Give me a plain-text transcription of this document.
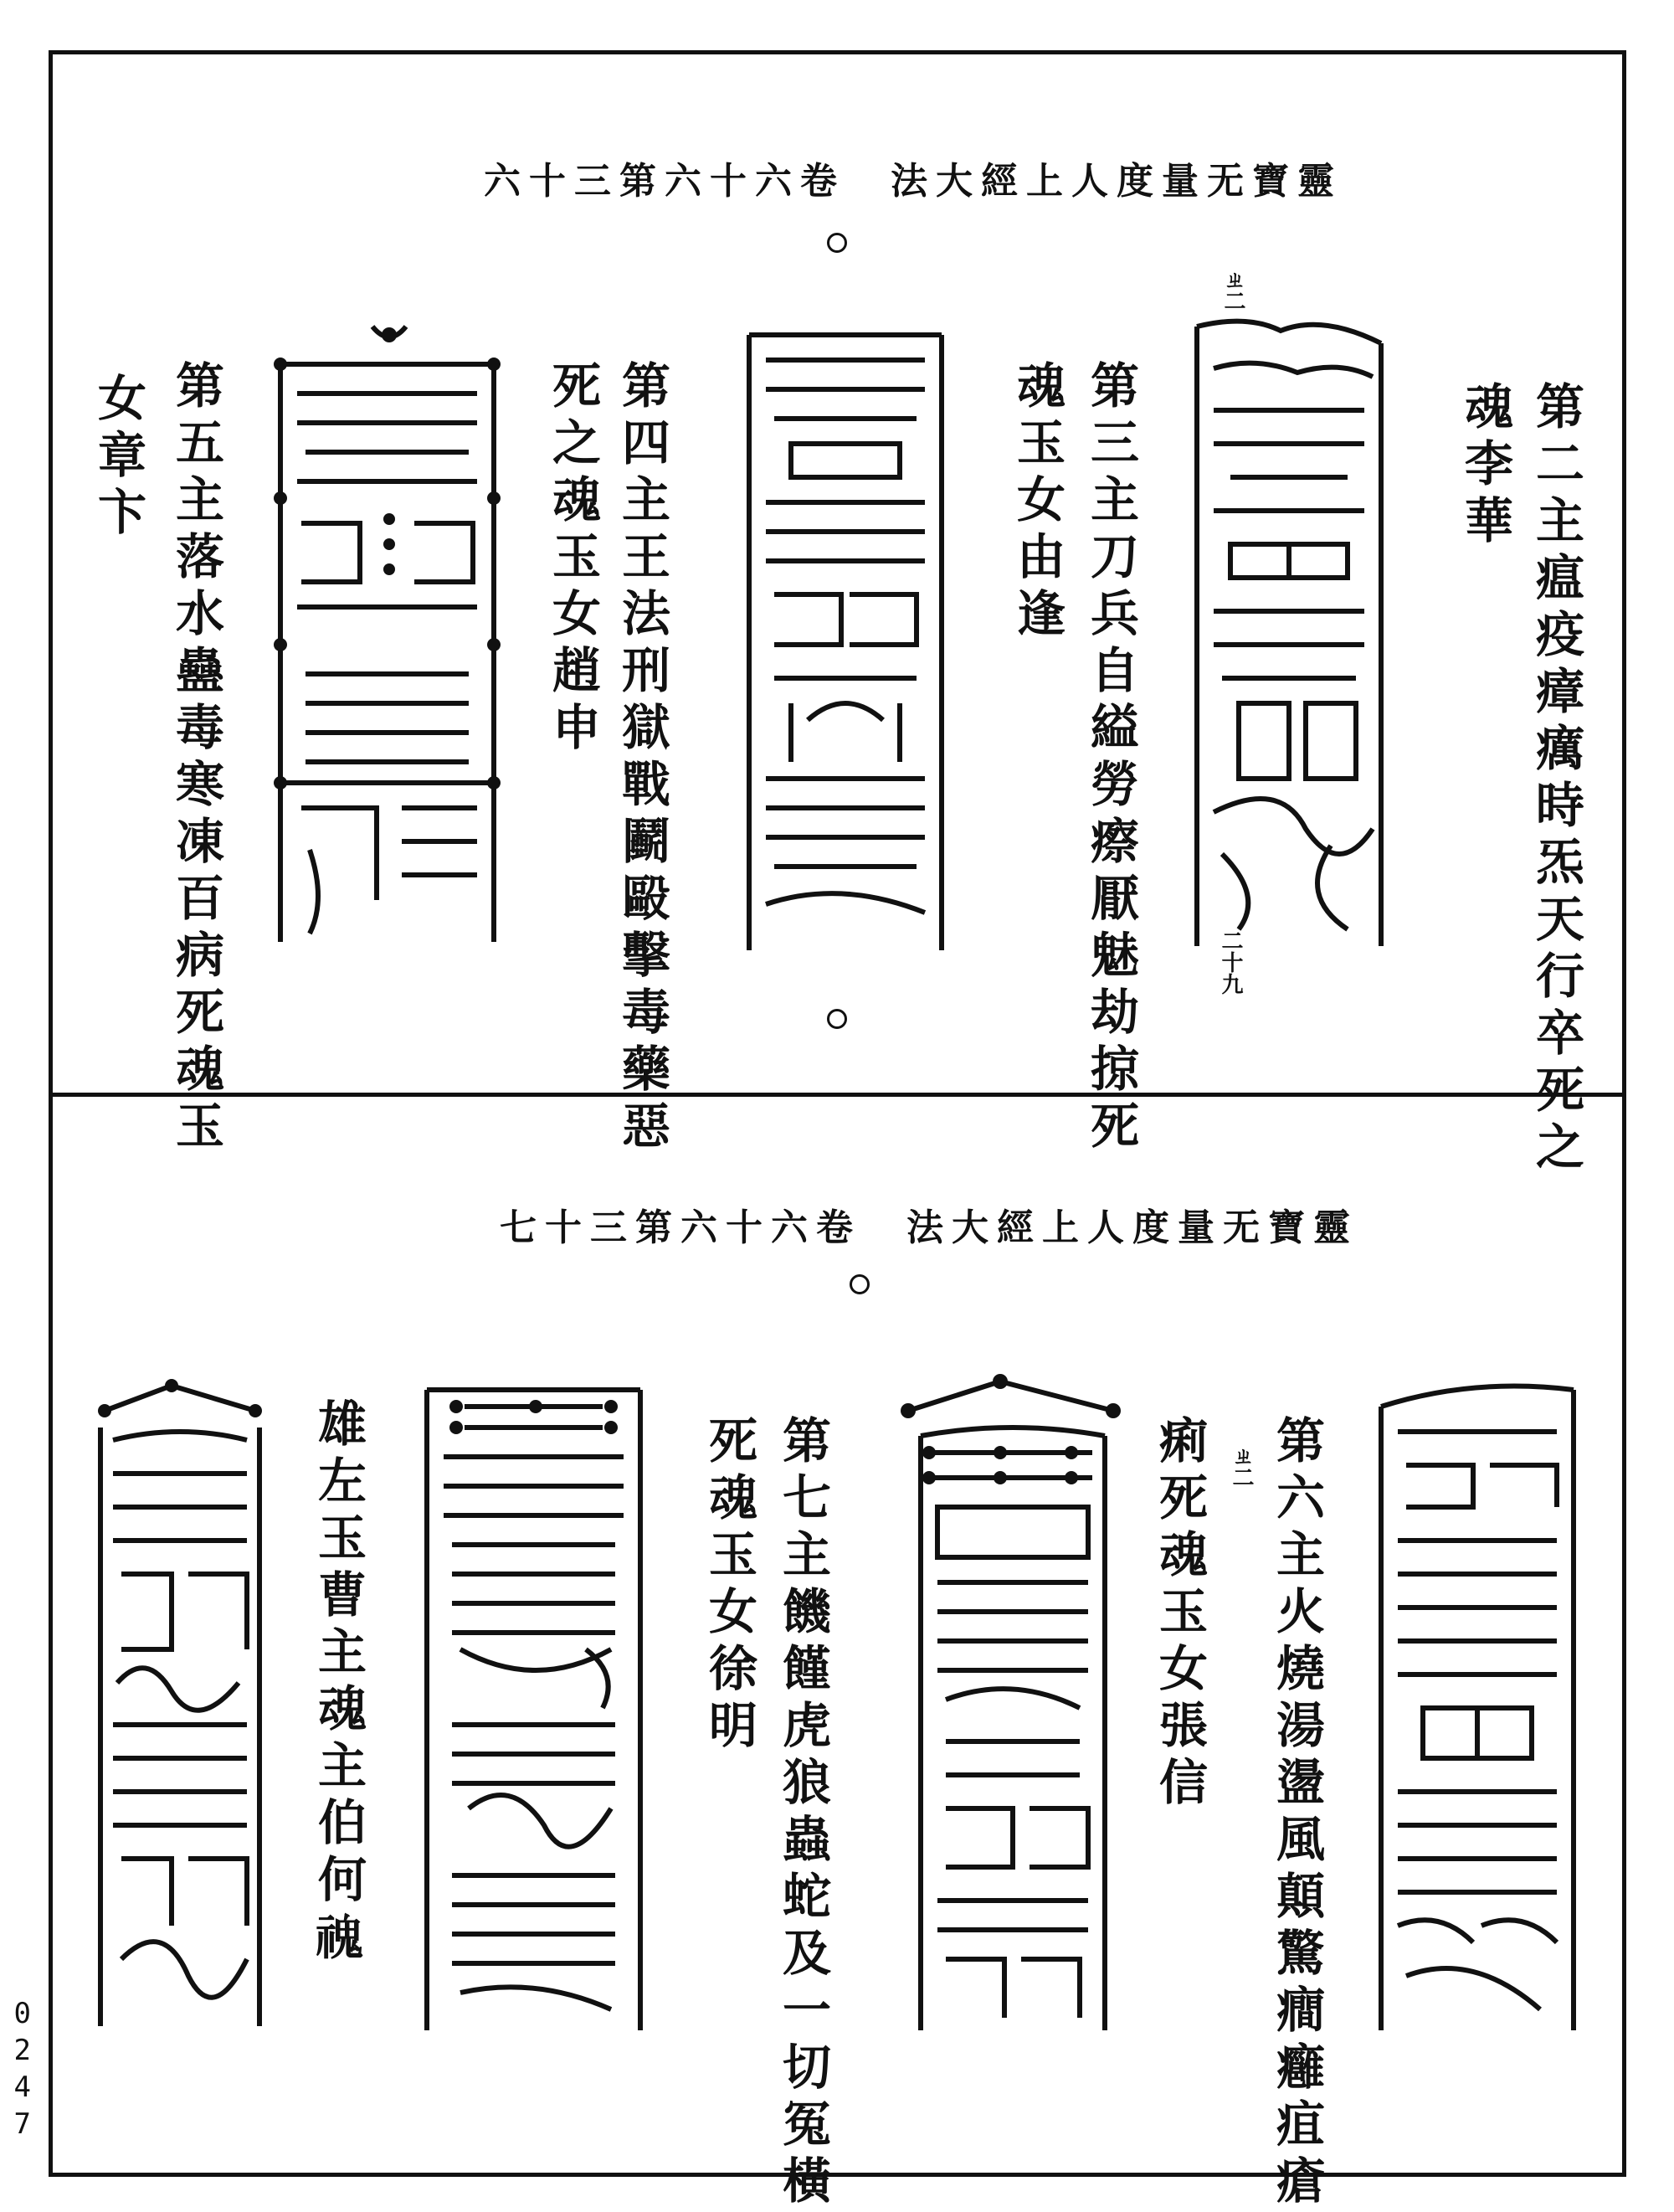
六十三第六十六卷　法大經上人度量无寶靈
ㄓ二
二十九	第二主瘟疫瘴癘時炁天行卒死之
魂李華
第三主刀兵自縊勞瘵厭魅劫掠死
魂玉女由逢
第四主王法刑獄戰鬬毆擊毒藥惡
死之魂玉女趙申
第五主落水蠱毒寒凍百病死魂玉
女章卞
七十三第六十六卷　法大經上人度量无寶靈
ㄓ二 第六主火燒湯盪風顛驚癎癰疽瘡
痢死魂玉女張信
第七主饑饉虎狼蟲蛇及一切冤橫
死魂玉女徐明
雄左玉曹主魂主伯何𩲡
0247
